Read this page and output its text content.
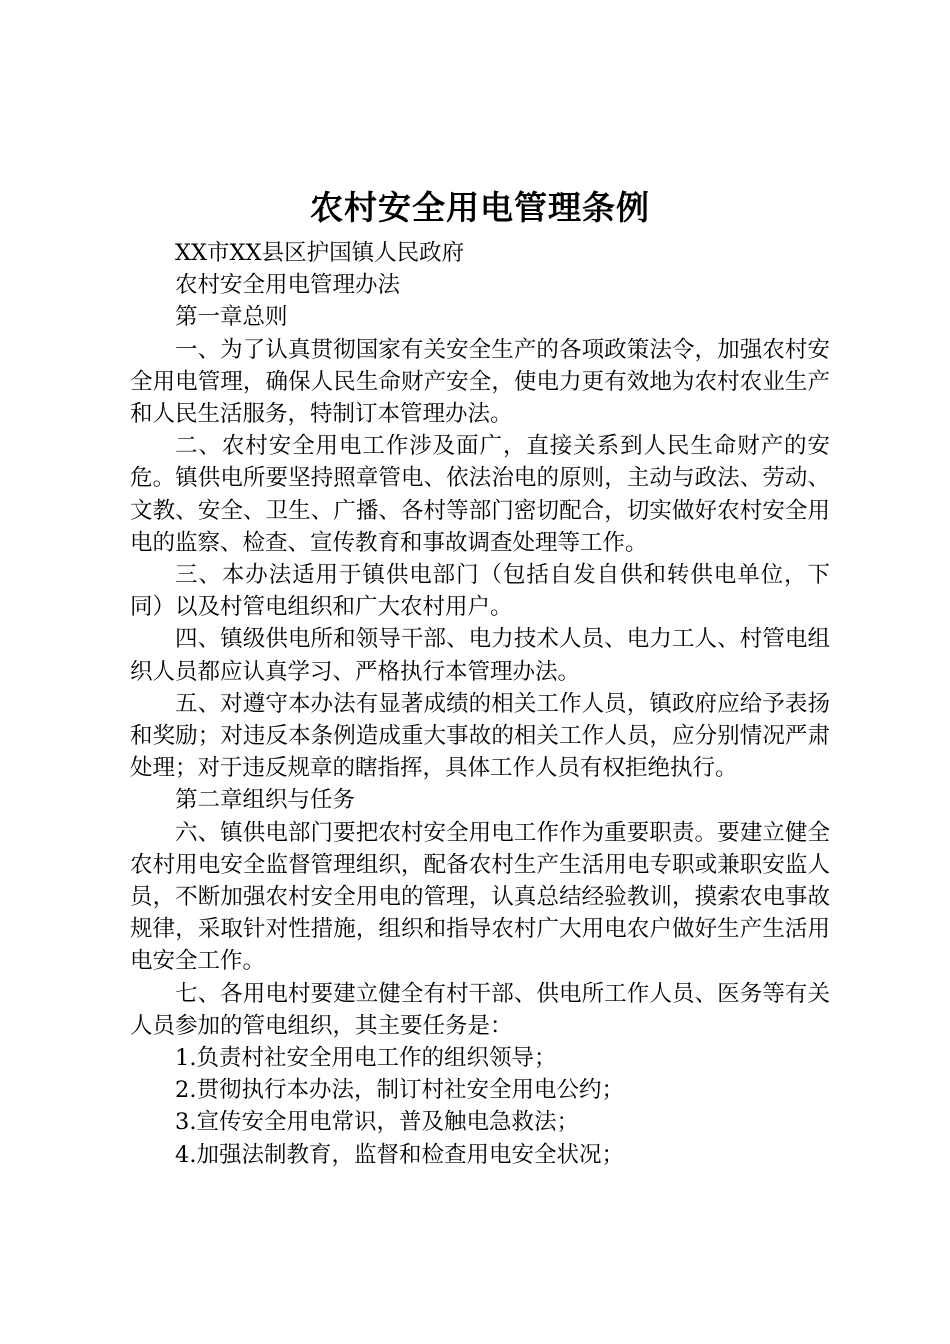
农村安全用电管理条例

XX市XX县区护国镇人民政府

农村安全用电管理办法

第一章总则

一、为了认真贯彻国家有关安全生产的各项政策法令，加强农村安全用电管理，确保人民生命财产安全，使电力更有效地为农村农业生产和人民生活服务，特制订本管理办法。

二、农村安全用电工作涉及面广，直接关系到人民生命财产的安危。镇供电所要坚持照章管电、依法治电的原则，主动与政法、劳动、文教、安全、卫生、广播、各村等部门密切配合，切实做好农村安全用电的监察、检查、宣传教育和事故调查处理等工作。

三、本办法适用于镇供电部门（包括自发自供和转供电单位，下同）以及村管电组织和广大农村用户。

四、镇级供电所和领导干部、电力技术人员、电力工人、村管电组织人员都应认真学习、严格执行本管理办法。

五、对遵守本办法有显著成绩的相关工作人员，镇政府应给予表扬和奖励；对违反本条例造成重大事故的相关工作人员，应分别情况严肃处理；对于违反规章的瞎指挥，具体工作人员有权拒绝执行。

第二章组织与任务

六、镇供电部门要把农村安全用电工作作为重要职责。要建立健全农村用电安全监督管理组织，配备农村生产生活用电专职或兼职安监人员，不断加强农村安全用电的管理，认真总结经验教训，摸索农电事故规律，采取针对性措施，组织和指导农村广大用电农户做好生产生活用电安全工作。

七、各用电村要建立健全有村干部、供电所工作人员、医务等有关人员参加的管电组织，其主要任务是：

1.负责村社安全用电工作的组织领导；

2.贯彻执行本办法，制订村社安全用电公约；

3.宣传安全用电常识，普及触电急救法；

4.加强法制教育，监督和检查用电安全状况；
